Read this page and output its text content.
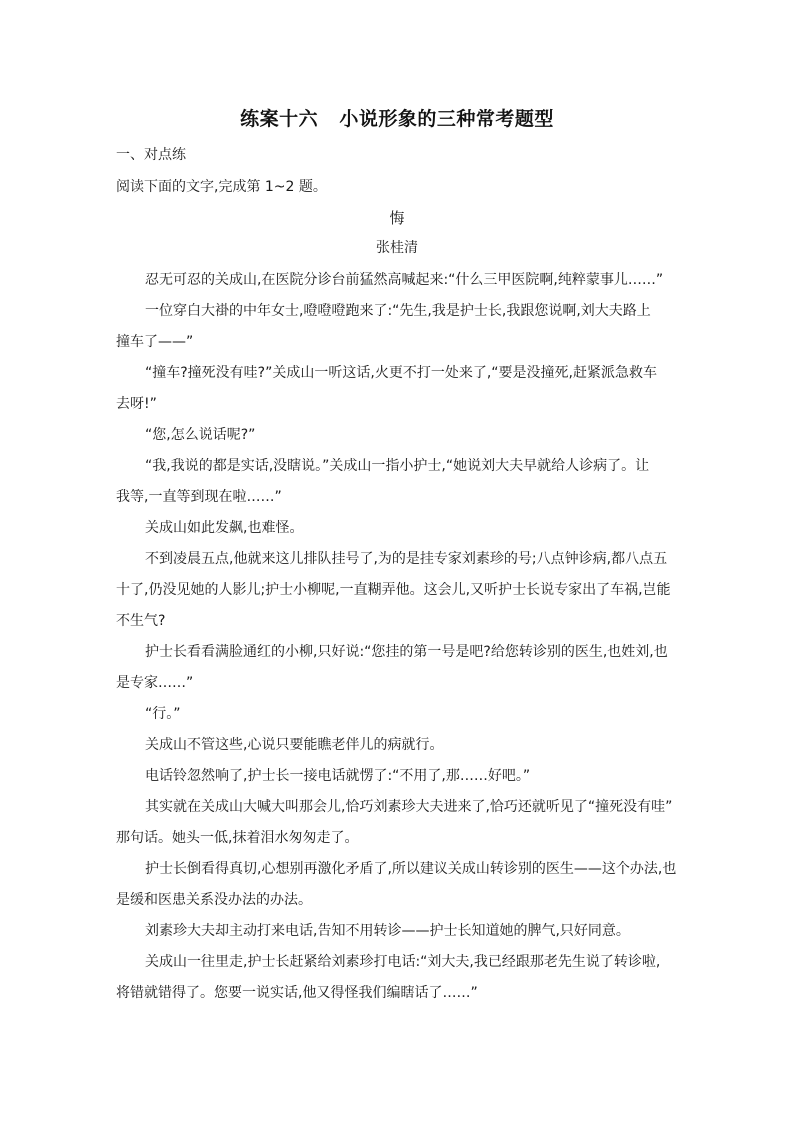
练案十六   小说形象的三种常考题型
一、对点练
阅读下面的文字,完成第 1~2 题。
悔
张桂清
忍无可忍的关成山,在医院分诊台前猛然高喊起来:“什么三甲医院啊,纯粹蒙事儿……”
一位穿白大褂的中年女士,噔噔噔跑来了:“先生,我是护士长,我跟您说啊,刘大夫路上
撞车了——”
“撞车?撞死没有哇?”关成山一听这话,火更不打一处来了,“要是没撞死,赶紧派急救车
去呀!”
“您,怎么说话呢?”
“我,我说的都是实话,没瞎说。”关成山一指小护士,“她说刘大夫早就给人诊病了。让
我等,一直等到现在啦……”
关成山如此发飙,也难怪。
不到凌晨五点,他就来这儿排队挂号了,为的是挂专家刘素珍的号;八点钟诊病,都八点五
十了,仍没见她的人影儿;护士小柳呢,一直糊弄他。这会儿,又听护士长说专家出了车祸,岂能
不生气?
护士长看看满脸通红的小柳,只好说:“您挂的第一号是吧?给您转诊别的医生,也姓刘,也
是专家……”
“行。”
关成山不管这些,心说只要能瞧老伴儿的病就行。
电话铃忽然响了,护士长一接电话就愣了:“不用了,那……好吧。”
其实就在关成山大喊大叫那会儿,恰巧刘素珍大夫进来了,恰巧还就听见了“撞死没有哇”
那句话。她头一低,抹着泪水匆匆走了。
护士长倒看得真切,心想别再激化矛盾了,所以建议关成山转诊别的医生——这个办法,也
是缓和医患关系没办法的办法。
刘素珍大夫却主动打来电话,告知不用转诊——护士长知道她的脾气,只好同意。
关成山一往里走,护士长赶紧给刘素珍打电话:“刘大夫,我已经跟那老先生说了转诊啦,
将错就错得了。您要一说实话,他又得怪我们编瞎话了……”
